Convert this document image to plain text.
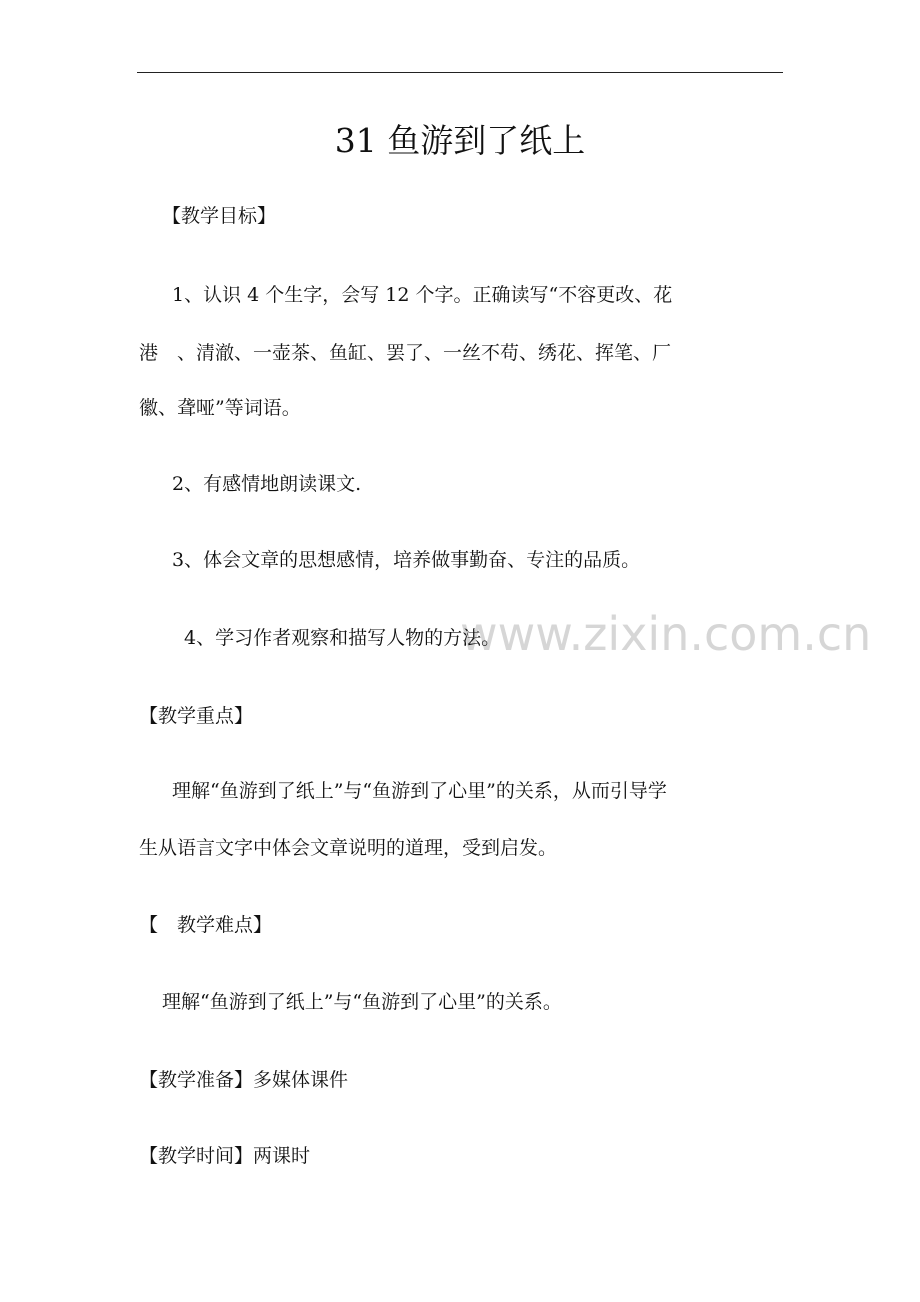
31 鱼游到了纸上
【教学目标】
1、认识 4 个生字，会写 12 个字。正确读写“不容更改、花
港　、清澈、一壶茶、鱼缸、罢了、一丝不苟、绣花、挥笔、厂
徽、聋哑”等词语。
2、有感情地朗读课文.
3、体会文章的思想感情，培养做事勤奋、专注的品质。
www.zixin.com.cn
4、学习作者观察和描写人物的方法。
【教学重点】
理解“鱼游到了纸上”与“鱼游到了心里”的关系，从而引导学
生从语言文字中体会文章说明的道理，受到启发。
【　教学难点】
理解“鱼游到了纸上”与“鱼游到了心里”的关系。
【教学准备】多媒体课件
【教学时间】两课时
